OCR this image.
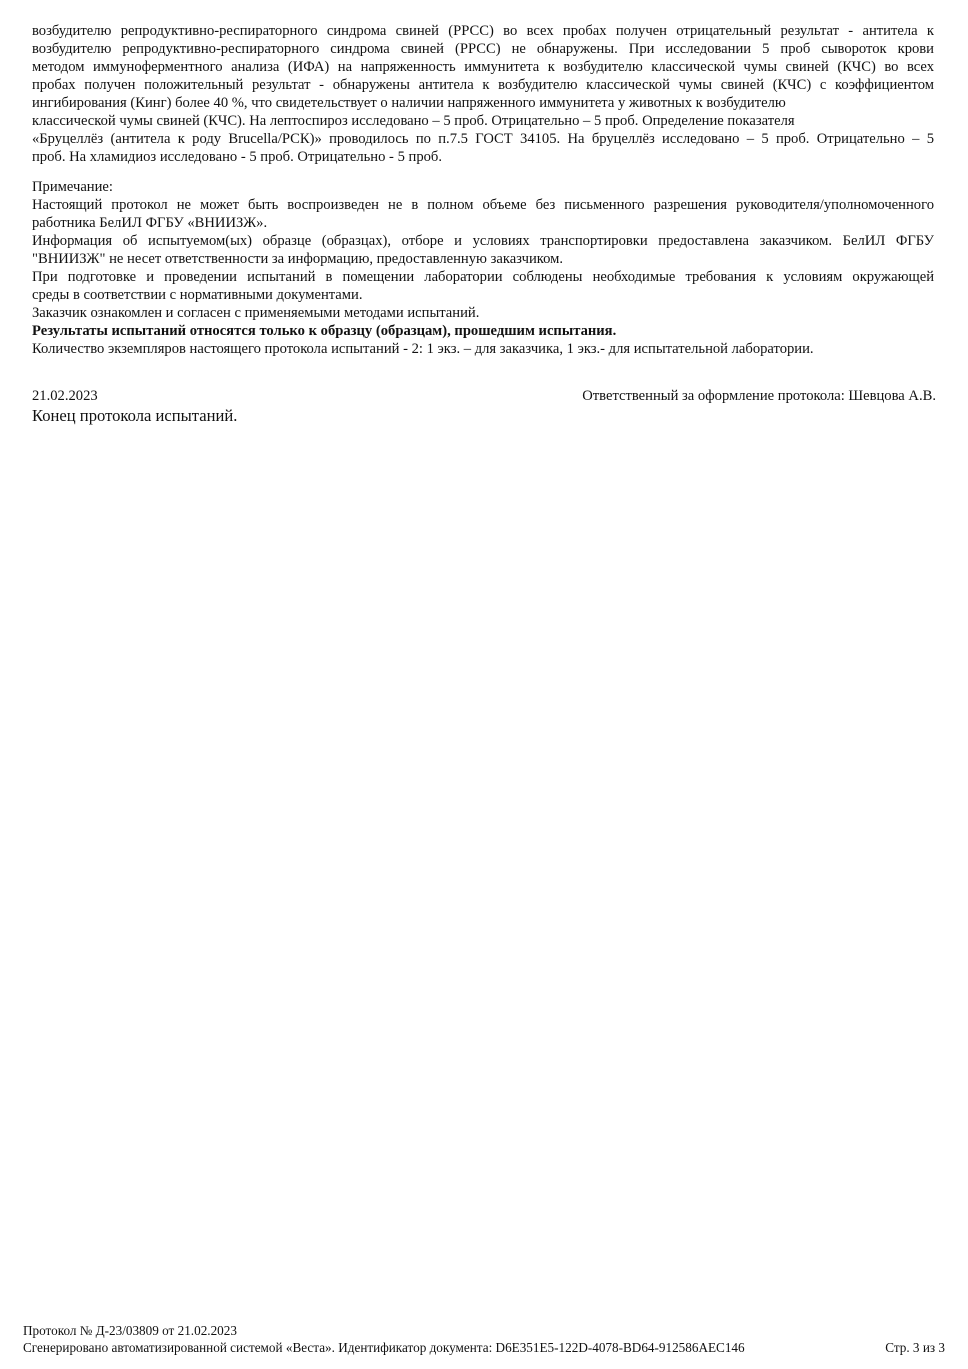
возбудителю репродуктивно-респираторного синдрома свиней (РРСС) во всех пробах получен отрицательный результат - антитела к
возбудителю репродуктивно-респираторного синдрома свиней (РРСС) не обнаружены. При исследовании 5 проб сывороток крови
методом иммуноферментного анализа (ИФА) на напряженность иммунитета к возбудителю классической чумы свиней (КЧС) во всех
пробах получен положительный результат - обнаружены антитела к возбудителю классической чумы свиней (КЧС) с коэффициентом
ингибирования (Кинг) более 40 %, что свидетельствует о наличии напряженного иммунитета у животных к возбудителю
классической чумы свиней (КЧС). На лептоспироз исследовано – 5 проб. Отрицательно – 5 проб. Определение показателя
«Бруцеллёз (антитела к роду Brucella/РСК)» проводилось по п.7.5 ГОСТ 34105. На бруцеллёз исследовано – 5 проб. Отрицательно – 5
проб. На хламидиоз исследовано - 5 проб. Отрицательно - 5 проб.
Примечание:
Настоящий протокол не может быть воспроизведен не в полном объеме без письменного разрешения руководителя/уполномоченного
работника БелИЛ ФГБУ «ВНИИЗЖ».
Информация об испытуемом(ых) образце (образцах), отборе и условиях транспортировки предоставлена заказчиком. БелИЛ ФГБУ
"ВНИИЗЖ" не несет ответственности за информацию, предоставленную заказчиком.
При подготовке и проведении испытаний в помещении лаборатории соблюдены необходимые требования к условиям окружающей
среды в соответствии с нормативными документами.
Заказчик ознакомлен и согласен с применяемыми методами испытаний.
Результаты испытаний относятся только к образцу (образцам), прошедшим испытания.
Количество экземпляров настоящего протокола испытаний - 2: 1 экз. – для заказчика, 1 экз.- для испытательной лаборатории.
21.02.2023	Ответственный за оформление протокола: Шевцова А.В.
Конец протокола испытаний.
Протокол № Д-23/03809 от 21.02.2023
Сгенерировано автоматизированной системой «Веста». Идентификатор документа: D6E351E5-122D-4078-BD64-912586AEC146	Стр. 3 из 3
